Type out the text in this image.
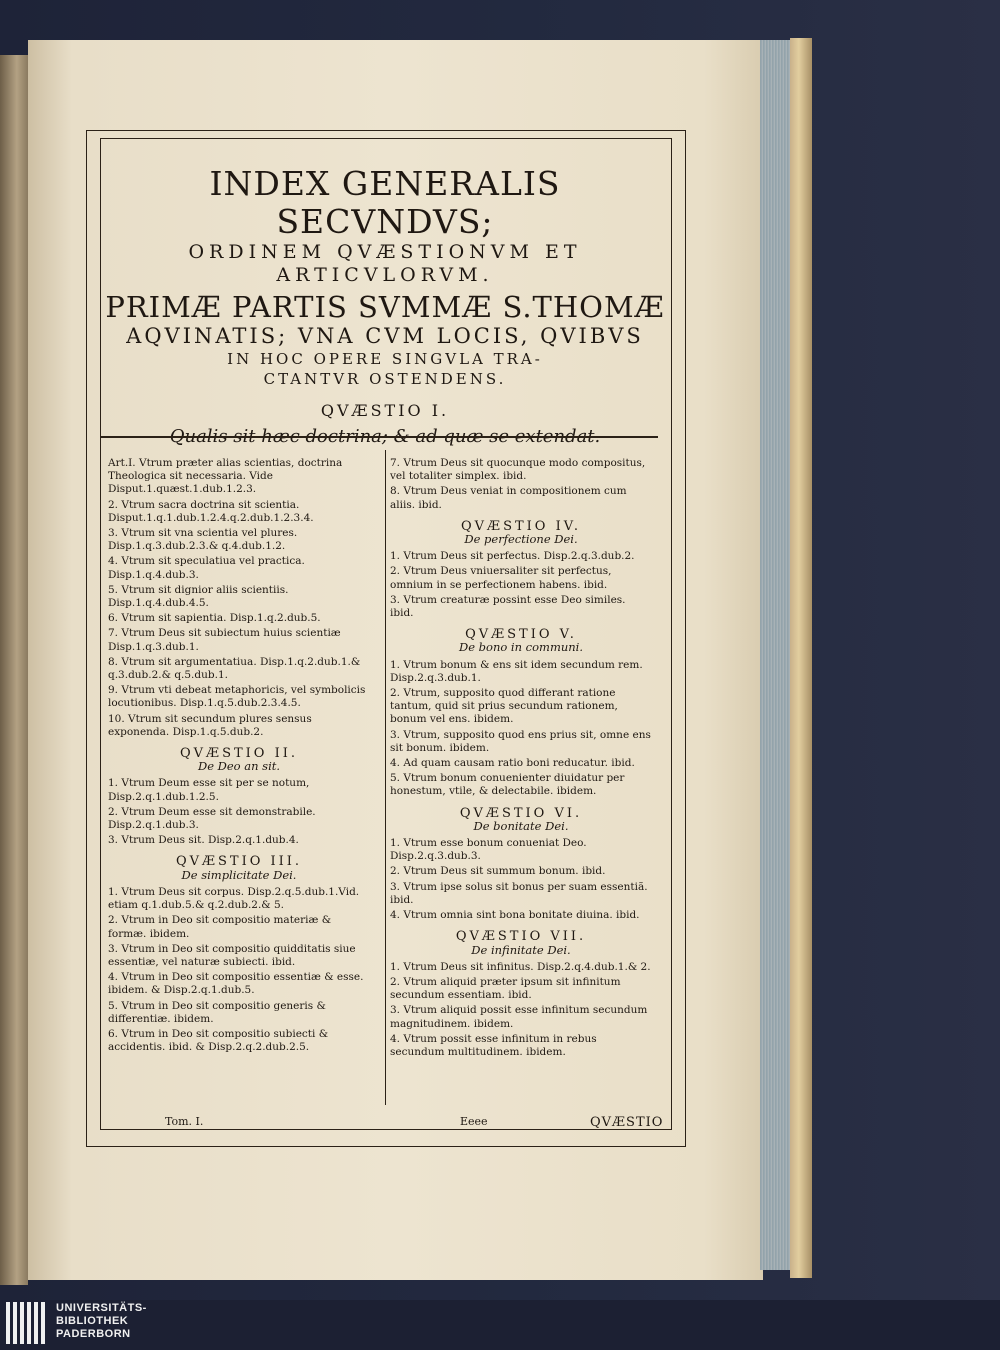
INDEX GENERALIS SECVNDVS;
ORDINEM QVÆSTIONVM ET
ARTICVLORVM.
PRIMÆ PARTIS SVMMÆ S.THOMÆ
AQVINATIS; VNA CVM LOCIS, QVIBVS
IN HOC OPERE SINGVLA TRA-
CTANTVR OSTENDENS.
QVÆSTIO I.
Qualis sit hæc doctrina; & ad quæ se extendat.
Art.I. Vtrum præter alias scientias, doctrina Theologica sit necessaria. Vide Disput.1.quæst.1.dub.1.2.3.
2. Vtrum sacra doctrina sit scientia. Disput.1.q.1.dub.1.2.4.q.2.dub.1.2.3.4.
3. Vtrum sit vna scientia vel plures. Disp.1.q.3.dub.2.3.& q.4.dub.1.2.
4. Vtrum sit speculatiua vel practica. Disp.1.q.4.dub.3.
5. Vtrum sit dignior aliis scientiis. Disp.1.q.4.dub.4.5.
6. Vtrum sit sapientia. Disp.1.q.2.dub.5.
7. Vtrum Deus sit subiectum huius scientiæ Disp.1.q.3.dub.1.
8. Vtrum sit argumentatiua. Disp.1.q.2.dub.1.& q.3.dub.2.& q.5.dub.1.
9. Vtrum vti debeat metaphoricis, vel symbolicis locutionibus. Disp.1.q.5.dub.2.3.4.5.
10. Vtrum sit secundum plures sensus exponenda. Disp.1.q.5.dub.2.
QVÆSTIO II.
De Deo an sit.
1. Vtrum Deum esse sit per se notum, Disp.2.q.1.dub.1.2.5.
2. Vtrum Deum esse sit demonstrabile. Disp.2.q.1.dub.3.
3. Vtrum Deus sit. Disp.2.q.1.dub.4.
QVÆSTIO III.
De simplicitate Dei.
1. Vtrum Deus sit corpus. Disp.2.q.5.dub.1.Vid. etiam q.1.dub.5.& q.2.dub.2.& 5.
2. Vtrum in Deo sit compositio materiæ & formæ. ibidem.
3. Vtrum in Deo sit compositio quidditatis siue essentiæ, vel naturæ subiecti. ibid.
4. Vtrum in Deo sit compositio essentiæ & esse. ibidem. & Disp.2.q.1.dub.5.
5. Vtrum in Deo sit compositio generis & differentiæ. ibidem.
6. Vtrum in Deo sit compositio subiecti & accidentis. ibid. & Disp.2.q.2.dub.2.5.
7. Vtrum Deus sit quocunque modo compositus, vel totaliter simplex. ibid.
8. Vtrum Deus veniat in compositionem cum aliis. ibid.
QVÆSTIO IV.
De perfectione Dei.
1. Vtrum Deus sit perfectus. Disp.2.q.3.dub.2.
2. Vtrum Deus vniuersaliter sit perfectus, omnium in se perfectionem habens. ibid.
3. Vtrum creaturæ possint esse Deo similes. ibid.
QVÆSTIO V.
De bono in communi.
1. Vtrum bonum & ens sit idem secundum rem. Disp.2.q.3.dub.1.
2. Vtrum, supposito quod differant ratione tantum, quid sit prius secundum rationem, bonum vel ens. ibidem.
3. Vtrum, supposito quod ens prius sit, omne ens sit bonum. ibidem.
4. Ad quam causam ratio boni reducatur. ibid.
5. Vtrum bonum conuenienter diuidatur per honestum, vtile, & delectabile. ibidem.
QVÆSTIO VI.
De bonitate Dei.
1. Vtrum esse bonum conueniat Deo. Disp.2.q.3.dub.3.
2. Vtrum Deus sit summum bonum. ibid.
3. Vtrum ipse solus sit bonus per suam essentiã. ibid.
4. Vtrum omnia sint bona bonitate diuina. ibid.
QVÆSTIO VII.
De infinitate Dei.
1. Vtrum Deus sit infinitus. Disp.2.q.4.dub.1.& 2.
2. Vtrum aliquid præter ipsum sit infinitum secundum essentiam. ibid.
3. Vtrum aliquid possit esse infinitum secundum magnitudinem. ibidem.
4. Vtrum possit esse infinitum in rebus secundum multitudinem. ibidem.
Tom. I.	Eeee	QVÆSTIO
UNIVERSITÄTS-
BIBLIOTHEK
PADERBORN
